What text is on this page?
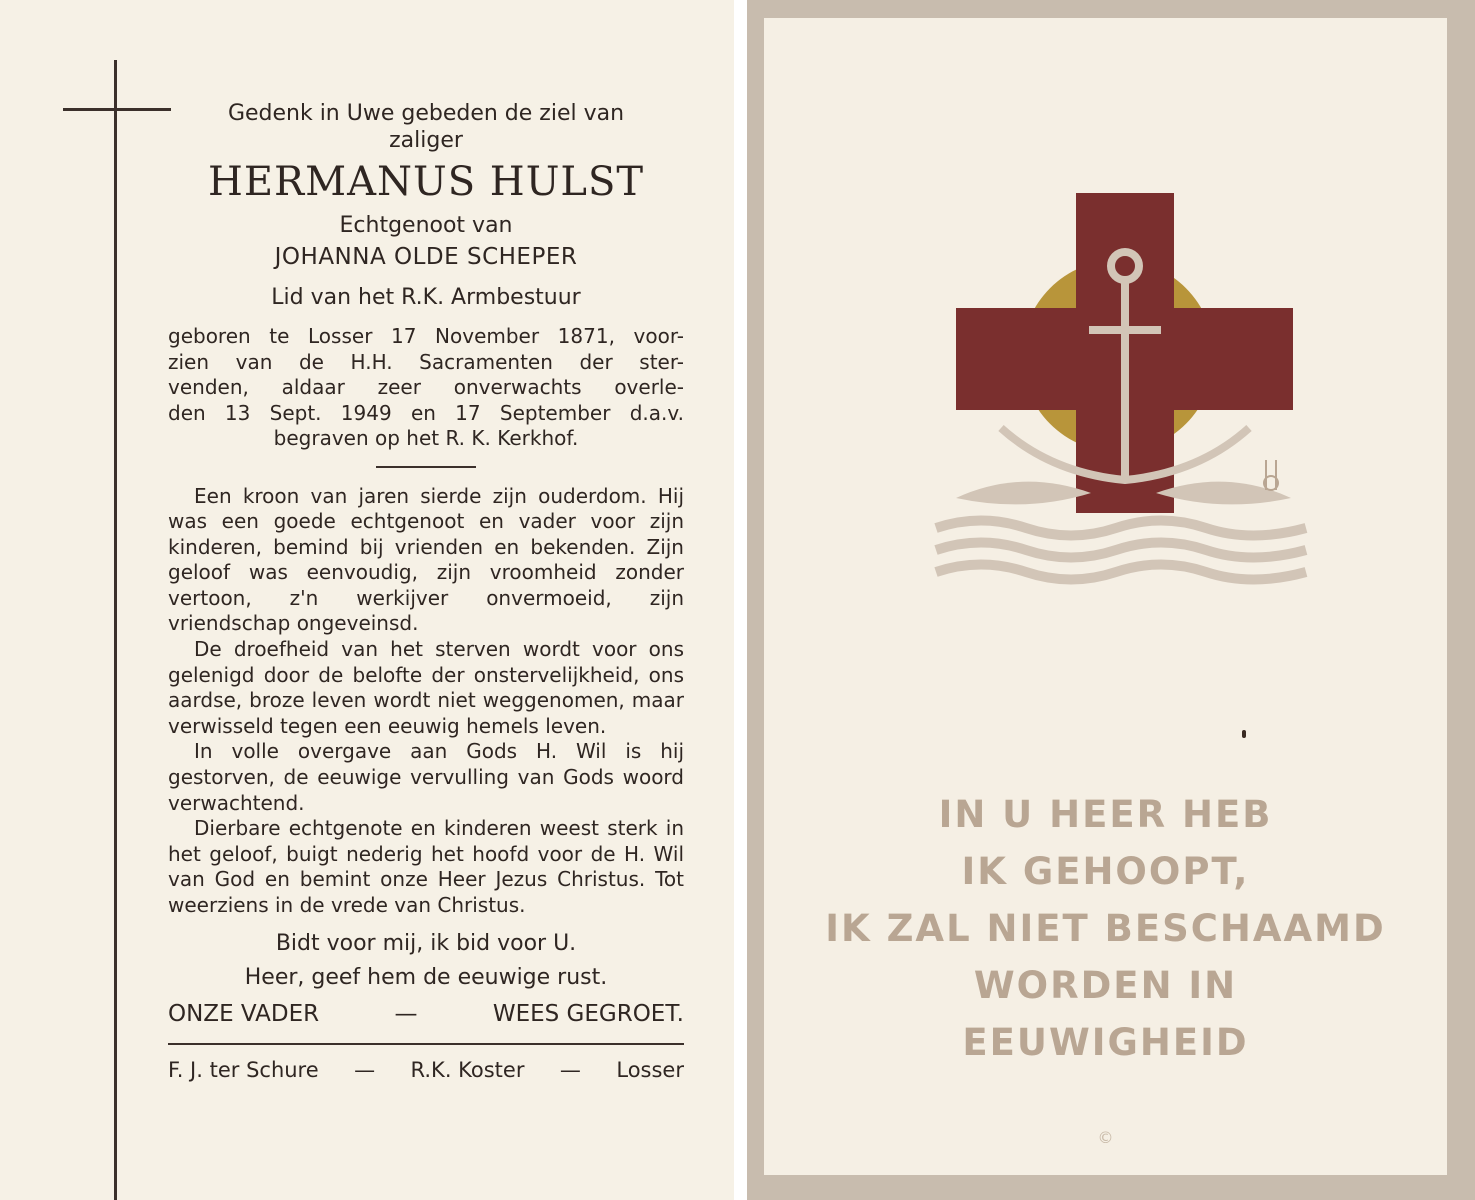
Gedenk in Uwe gebeden de ziel van
zaliger
HERMANUS HULST
Echtgenoot van
JOHANNA OLDE SCHEPER
Lid van het R.K. Armbestuur
geboren te Losser 17 November 1871, voor-
zien van de H.H. Sacramenten der ster-
venden, aldaar zeer onverwachts overle-
den 13 Sept. 1949 en 17 September d.a.v.
begraven op het R. K. Kerkhof.

Een kroon van jaren sierde zijn ouderdom. Hij was een goede echtgenoot en vader voor zijn kinderen, bemind bij vrienden en bekenden. Zijn geloof was eenvoudig, zijn vroomheid zonder vertoon, z'n werkijver onvermoeid, zijn vriendschap ongeveinsd.

De droefheid van het sterven wordt voor ons gelenigd door de belofte der onstervelijkheid, ons aardse, broze leven wordt niet weggenomen, maar verwisseld tegen een eeuwig hemels leven.

In volle overgave aan Gods H. Wil is hij gestorven, de eeuwige vervulling van Gods woord verwachtend.

Dierbare echtgenote en kinderen weest sterk in het geloof, buigt nederig het hoofd voor de H. Wil van God en bemint onze Heer Jezus Christus. Tot weerziens in de vrede van Christus.

Bidt voor mij, ik bid voor U.
Heer, geef hem de eeuwige rust.
ONZE VADER	—	WEES GEGROET.
F. J. ter Schure — R.K. Koster — Losser
IN U HEER HEB
IK GEHOOPT,
IK ZAL NIET BESCHAAMD
WORDEN IN
EEUWIGHEID
©
